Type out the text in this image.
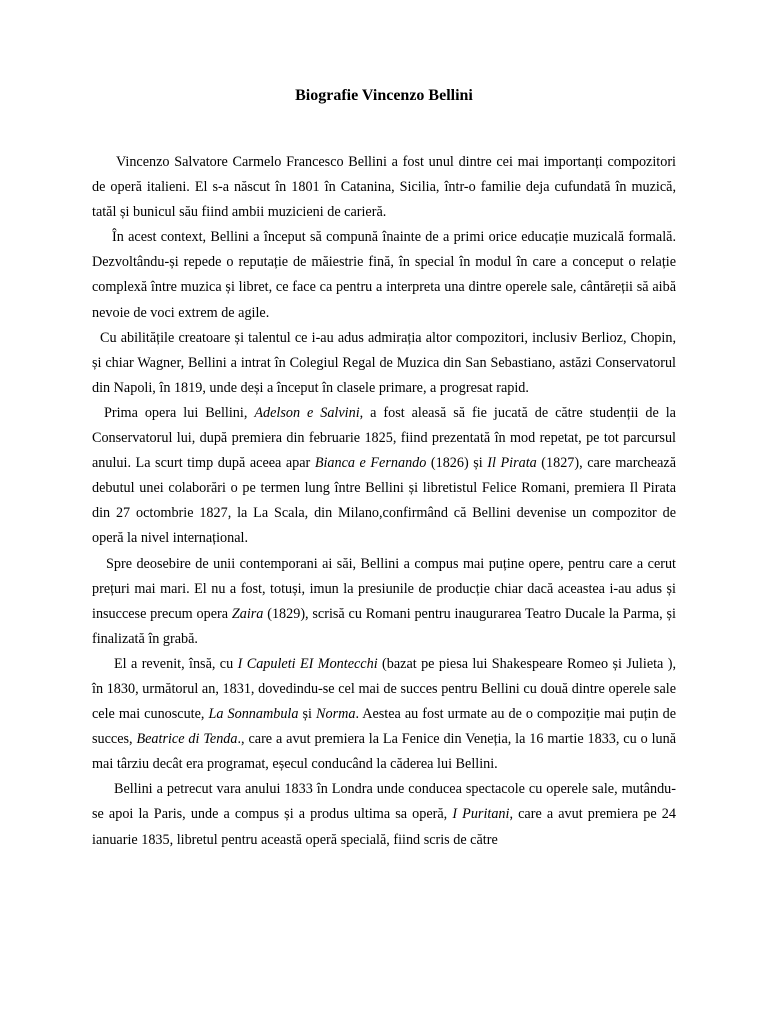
Biografie Vincenzo Bellini

Vincenzo Salvatore Carmelo Francesco Bellini a fost unul dintre cei mai importanți compozitori de operă italieni. El s-a născut în 1801 în Catanina, Sicilia, într-o familie deja cufundată în muzică, tatăl și bunicul său fiind ambii muzicieni de carieră.

În acest context, Bellini a început să compună înainte de a primi orice educație muzicală formală. Dezvoltându-și repede o reputație de măiestrie fină, în special în modul în care a conceput o relație complexă între muzica și libret, ce face ca pentru a interpreta una dintre operele sale, cântăreții să aibă nevoie de voci extrem de agile.

Cu abilitățile creatoare și talentul ce i-au adus admirația altor compozitori, inclusiv Berlioz, Chopin, și chiar Wagner, Bellini a intrat în Colegiul Regal de Muzica din San Sebastiano, astăzi Conservatorul din Napoli, în 1819, unde deși a început în clasele primare, a progresat rapid.

Prima opera lui Bellini, Adelson e Salvini, a fost aleasă să fie jucată de către studenții de la Conservatorul lui, după premiera din februarie 1825, fiind prezentată în mod repetat, pe tot parcursul anului. La scurt timp după aceea apar Bianca e Fernando (1826) și Il Pirata (1827), care marchează debutul unei colaborări o pe termen lung între Bellini și libretistul Felice Romani, premiera Il Pirata din 27 octombrie 1827, la La Scala, din Milano,confirmând că Bellini devenise un compozitor de operă la nivel internațional.

Spre deosebire de unii contemporani ai săi, Bellini a compus mai puține opere, pentru care a cerut prețuri mai mari. El nu a fost, totuși, imun la presiunile de producție chiar dacă aceastea i-au adus și insuccese precum opera Zaira (1829), scrisă cu Romani pentru inaugurarea Teatro Ducale la Parma, și finalizată în grabă.

El a revenit, însă, cu I Capuleti EI Montecchi (bazat pe piesa lui Shakespeare Romeo și Julieta ), în 1830, următorul an, 1831, dovedindu-se cel mai de succes pentru Bellini cu două dintre operele sale cele mai cunoscute, La Sonnambula și Norma. Aestea au fost urmate au de o compoziție mai puțin de succes, Beatrice di Tenda., care a avut premiera la La Fenice din Veneția, la 16 martie 1833, cu o lună mai târziu decât era programat, eșecul conducând la căderea lui Bellini.

Bellini a petrecut vara anului 1833 în Londra unde conducea spectacole cu operele sale, mutându-se apoi la Paris, unde a compus și a produs ultima sa operă, I Puritani, care a avut premiera pe 24 ianuarie 1835, libretul pentru această operă specială, fiind scris de către
